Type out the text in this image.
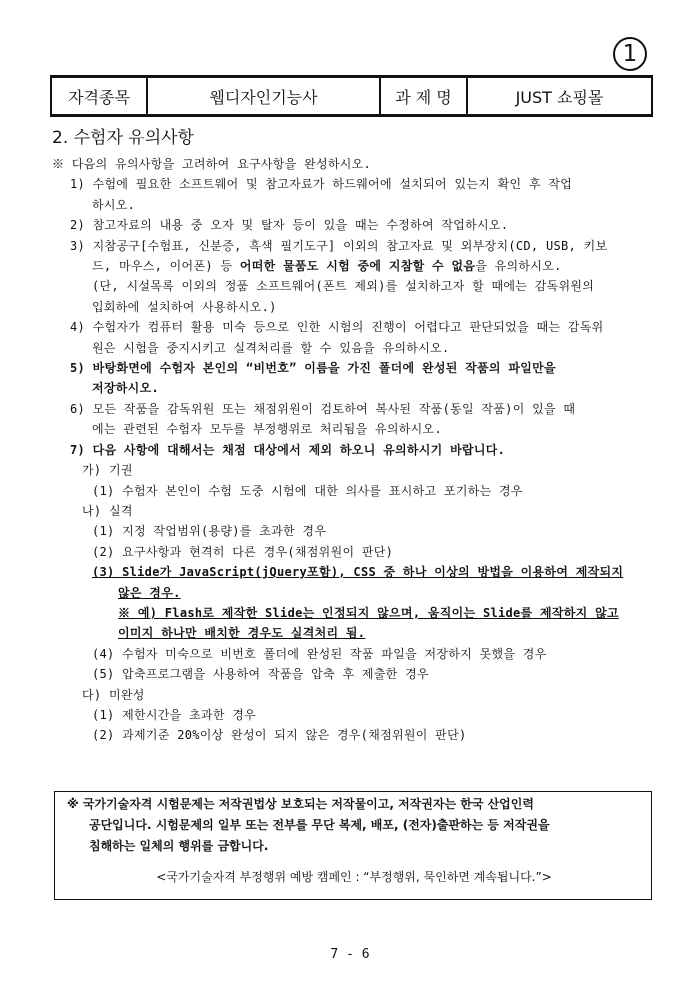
1
자격종목	웹디자인기능사	과 제 명	JUST 쇼핑몰
2. 수험자 유의사항
※ 다음의 유의사항을 고려하여 요구사항을 완성하시오.
1) 수험에 필요한 소프트웨어 및 참고자료가 하드웨어에 설치되어 있는지 확인 후 작업
하시오.
2) 참고자료의 내용 중 오자 및 탈자 등이 있을 때는 수정하여 작업하시오.
3) 지참공구[수험표, 신분증, 흑색 필기도구] 이외의 참고자료 및 외부장치(CD, USB, 키보
드, 마우스, 이어폰) 등 어떠한 물품도 시험 중에 지참할 수 없음을 유의하시오.
(단, 시설목록 이외의 정품 소프트웨어(폰트 제외)를 설치하고자 할 때에는 감독위원의
입회하에 설치하여 사용하시오.)
4) 수험자가 컴퓨터 활용 미숙 등으로 인한 시험의 진행이 어렵다고 판단되었을 때는 감독위
원은 시험을 중지시키고 실격처리를 할 수 있음을 유의하시오.
5) 바탕화면에 수험자 본인의 “비번호” 이름을 가진 폴더에 완성된 작품의 파일만을
저장하시오.
6) 모든 작품을 감독위원 또는 채점위원이 검토하여 복사된 작품(동일 작품)이 있을 때
에는 관련된 수험자 모두를 부정행위로 처리됨을 유의하시오.
7) 다음 사항에 대해서는 채점 대상에서 제외 하오니 유의하시기 바랍니다.
가) 기권
(1) 수험자 본인이 수험 도중 시험에 대한 의사를 표시하고 포기하는 경우
나) 실격
(1) 지정 작업범위(용량)를 초과한 경우
(2) 요구사항과 현격히 다른 경우(채점위원이 판단)
(3) Slide가 JavaScript(jQuery포함), CSS 중 하나 이상의 방법을 이용하여 제작되지
않은 경우.
※ 예) Flash로 제작한 Slide는 인정되지 않으며, 움직이는 Slide를 제작하지 않고
이미지 하나만 배치한 경우도 실격처리 됨.
(4) 수험자 미숙으로 비번호 폴더에 완성된 작품 파일을 저장하지 못했을 경우
(5) 압축프로그램을 사용하여 작품을 압축 후 제출한 경우
다) 미완성
(1) 제한시간을 초과한 경우
(2) 과제기준 20%이상 완성이 되지 않은 경우(채점위원이 판단)
※ 국가기술자격 시험문제는 저작권법상 보호되는 저작물이고, 저작권자는 한국 산업인력
공단입니다. 시험문제의 일부 또는 전부를 무단 복제, 배포, (전자)출판하는 등 저작권을
침해하는 일체의 행위를 금합니다.
<국가기술자격 부정행위 예방 캠페인 : “부정행위, 묵인하면 계속됩니다.”>
7 - 6
